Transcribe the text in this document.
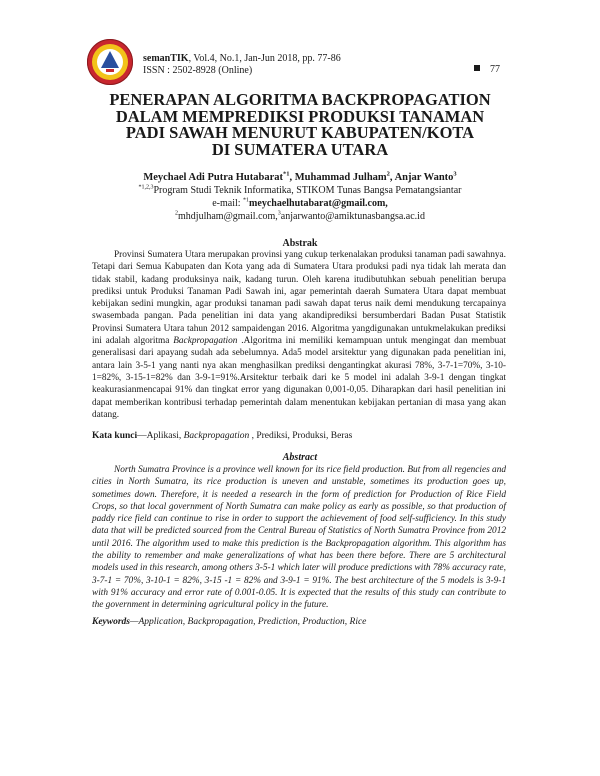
semanTIK, Vol.4, No.1, Jan-Jun 2018, pp. 77-86
ISSN : 2502-8928 (Online)	77
PENERAPAN ALGORITMA BACKPROPAGATION
DALAM MEMPREDIKSI PRODUKSI TANAMAN
PADI SAWAH MENURUT KABUPATEN/KOTA
DI SUMATERA UTARA
Meychael Adi Putra Hutabarat$^{*1}$, Muhammad Julham$^2$, Anjar Wanto$^3$
$^{*1,2,3}$Program Studi Teknik Informatika, STIKOM Tunas Bangsa Pematangsiantar
e-mail: $^{*1}$meychaelhutabarat@gmail.com,
$^2$mhdjulham@gmail.com,$^3$anjarwanto@amiktunasbangsa.ac.id
Abstrak

Provinsi Sumatera Utara merupakan provinsi yang cukup terkenalakan produksi tanaman padi sawahnya. Tetapi dari Semua Kabupaten dan Kota yang ada di Sumatera Utara produksi padi nya tidak lah merata dan tidak stabil, kadang produksinya naik, kadang turun. Oleh karena itudibutuhkan sebuah penelitian berupa prediksi untuk Produksi Tanaman Padi Sawah ini, agar pemerintah daerah Sumatera Utara dapat membuat kebijakan sedini mungkin, agar produksi tanaman padi sawah dapat terus naik demi mendukung tercapainya swasembada pangan. Pada penelitian ini data yang akandiprediksi bersumberdari Badan Pusat Statistik Provinsi Sumatera Utara tahun 2012 sampaidengan 2016. Algoritma yangdigunakan untukmelakukan prediksi ini adalah algoritma Backpropagation .Algoritma ini memiliki kemampuan untuk mengingat dan membuat generalisasi dari apayang sudah ada sebelumnya. Ada5 model arsitektur yang digunakan pada penelitian ini, antara lain 3-5-1 yang nanti nya akan menghasilkan prediksi dengantingkat akurasi 78%, 3-7-1=70%, 3-10-1=82%, 3-15-1=82% dan 3-9-1=91%.Arsitektur terbaik dari ke 5 model ini adalah 3-9-1 dengan tingkat keakurasianmencapai 91% dan tingkat error yang digunakan 0,001-0,05. Diharapkan dari hasil penelitian ini dapat memberikan kontribusi terhadap pemerintah dalam menentukan kebijakan pertanian di masa yang akan datang.

Kata kunci—Aplikasi, Backpropagation , Prediksi, Produksi, Beras
Abstract

North Sumatra Province is a province well known for its rice field production. But from all regencies and cities in North Sumatra, its rice production is uneven and unstable, sometimes its production goes up, sometimes down. Therefore, it is needed a research in the form of prediction for Production of Rice Field Crops, so that local government of North Sumatra can make policy as early as possible, so that production of paddy rice field can continue to rise in order to support the achievement of food self-sufficiency. In this study data that will be predicted sourced from the Central Bureau of Statistics of North Sumatra Province from 2012 until 2016. The algorithm used to make this prediction is the Backpropagation algorithm. This algorithm has the ability to remember and make generalizations of what has been there before. There are 5 architectural models used in this research, among others 3-5-1 which later will produce predictions with 78% accuracy rate, 3-7-1 = 70%, 3-10-1 = 82%, 3-15 -1 = 82% and 3-9-1 = 91%. The best architecture of the 5 models is 3-9-1 with 91% accuracy and error rate of 0.001-0.05. It is expected that the results of this study can contribute to the government in determining agricultural policy in the future.

Keywords—Application, Backpropagation, Prediction, Production, Rice
